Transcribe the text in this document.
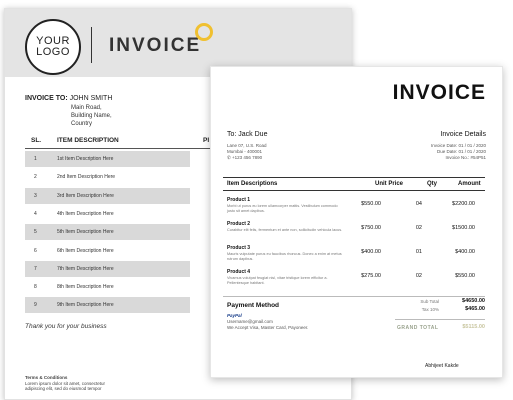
YOUR
LOGO INVOICE
INVOICE TO: JOHN SMITH
Main Road,
Building Name,
Country
SL. ITEM DESCRIPTION	PI
1	1st Item Description Here
2	2nd Item Description Here
3	3rd Item Description Here
4	4th Item Description Here
5	5th Item Description Here
6	6th Item Description Here
7	7th Item Description Here
8	8th Item Description Here
9	9th Item Description Here
Thank you for your business
Terms & Conditions
Lorem ipsum dolor sit amet, consectetur
adipiscing elit, sed do eiusmod tempor
INVOICE
To: Jack Due
Lane 07, U.S. Road
Mumbai - 400001
✆ +123 456 7890
Invoice Details
Invoice Date: 01 / 01 / 2020
Due Date: 01 / 01 / 2020
Invoice No.: #54P51
Item Descriptions	Unit Price	Qty	Amount
Product 1
Morbi ut purus eu lorem ullamcorper mattis. Vestibulum commodo justo sit amet dapibus.
$550.00	04	$2200.00
Product 2
Curabitur elit felis, fermentum et ante non, sollicitudin vehicula lacus.	$750.00	02	$1500.00
Product 3
Mauris vulputate purus eu faucibus rhoncus. Donec a enim at metus rutrum dapibus.
$400.00	01	$400.00
Product 4
Vivamus volutpat feugiat nisl, vitae tristique lorem efficitur a. Pellentesque habitant.
$275.00	02	$550.00
Payment Method
PayPal
Username@gmail.com
We Accept Visa, Master Card, Payoneer.
Sub Total	$4650.00
Tax 10%	$465.00
GRAND TOTAL	$5115.00
Abhijeet Kakde
